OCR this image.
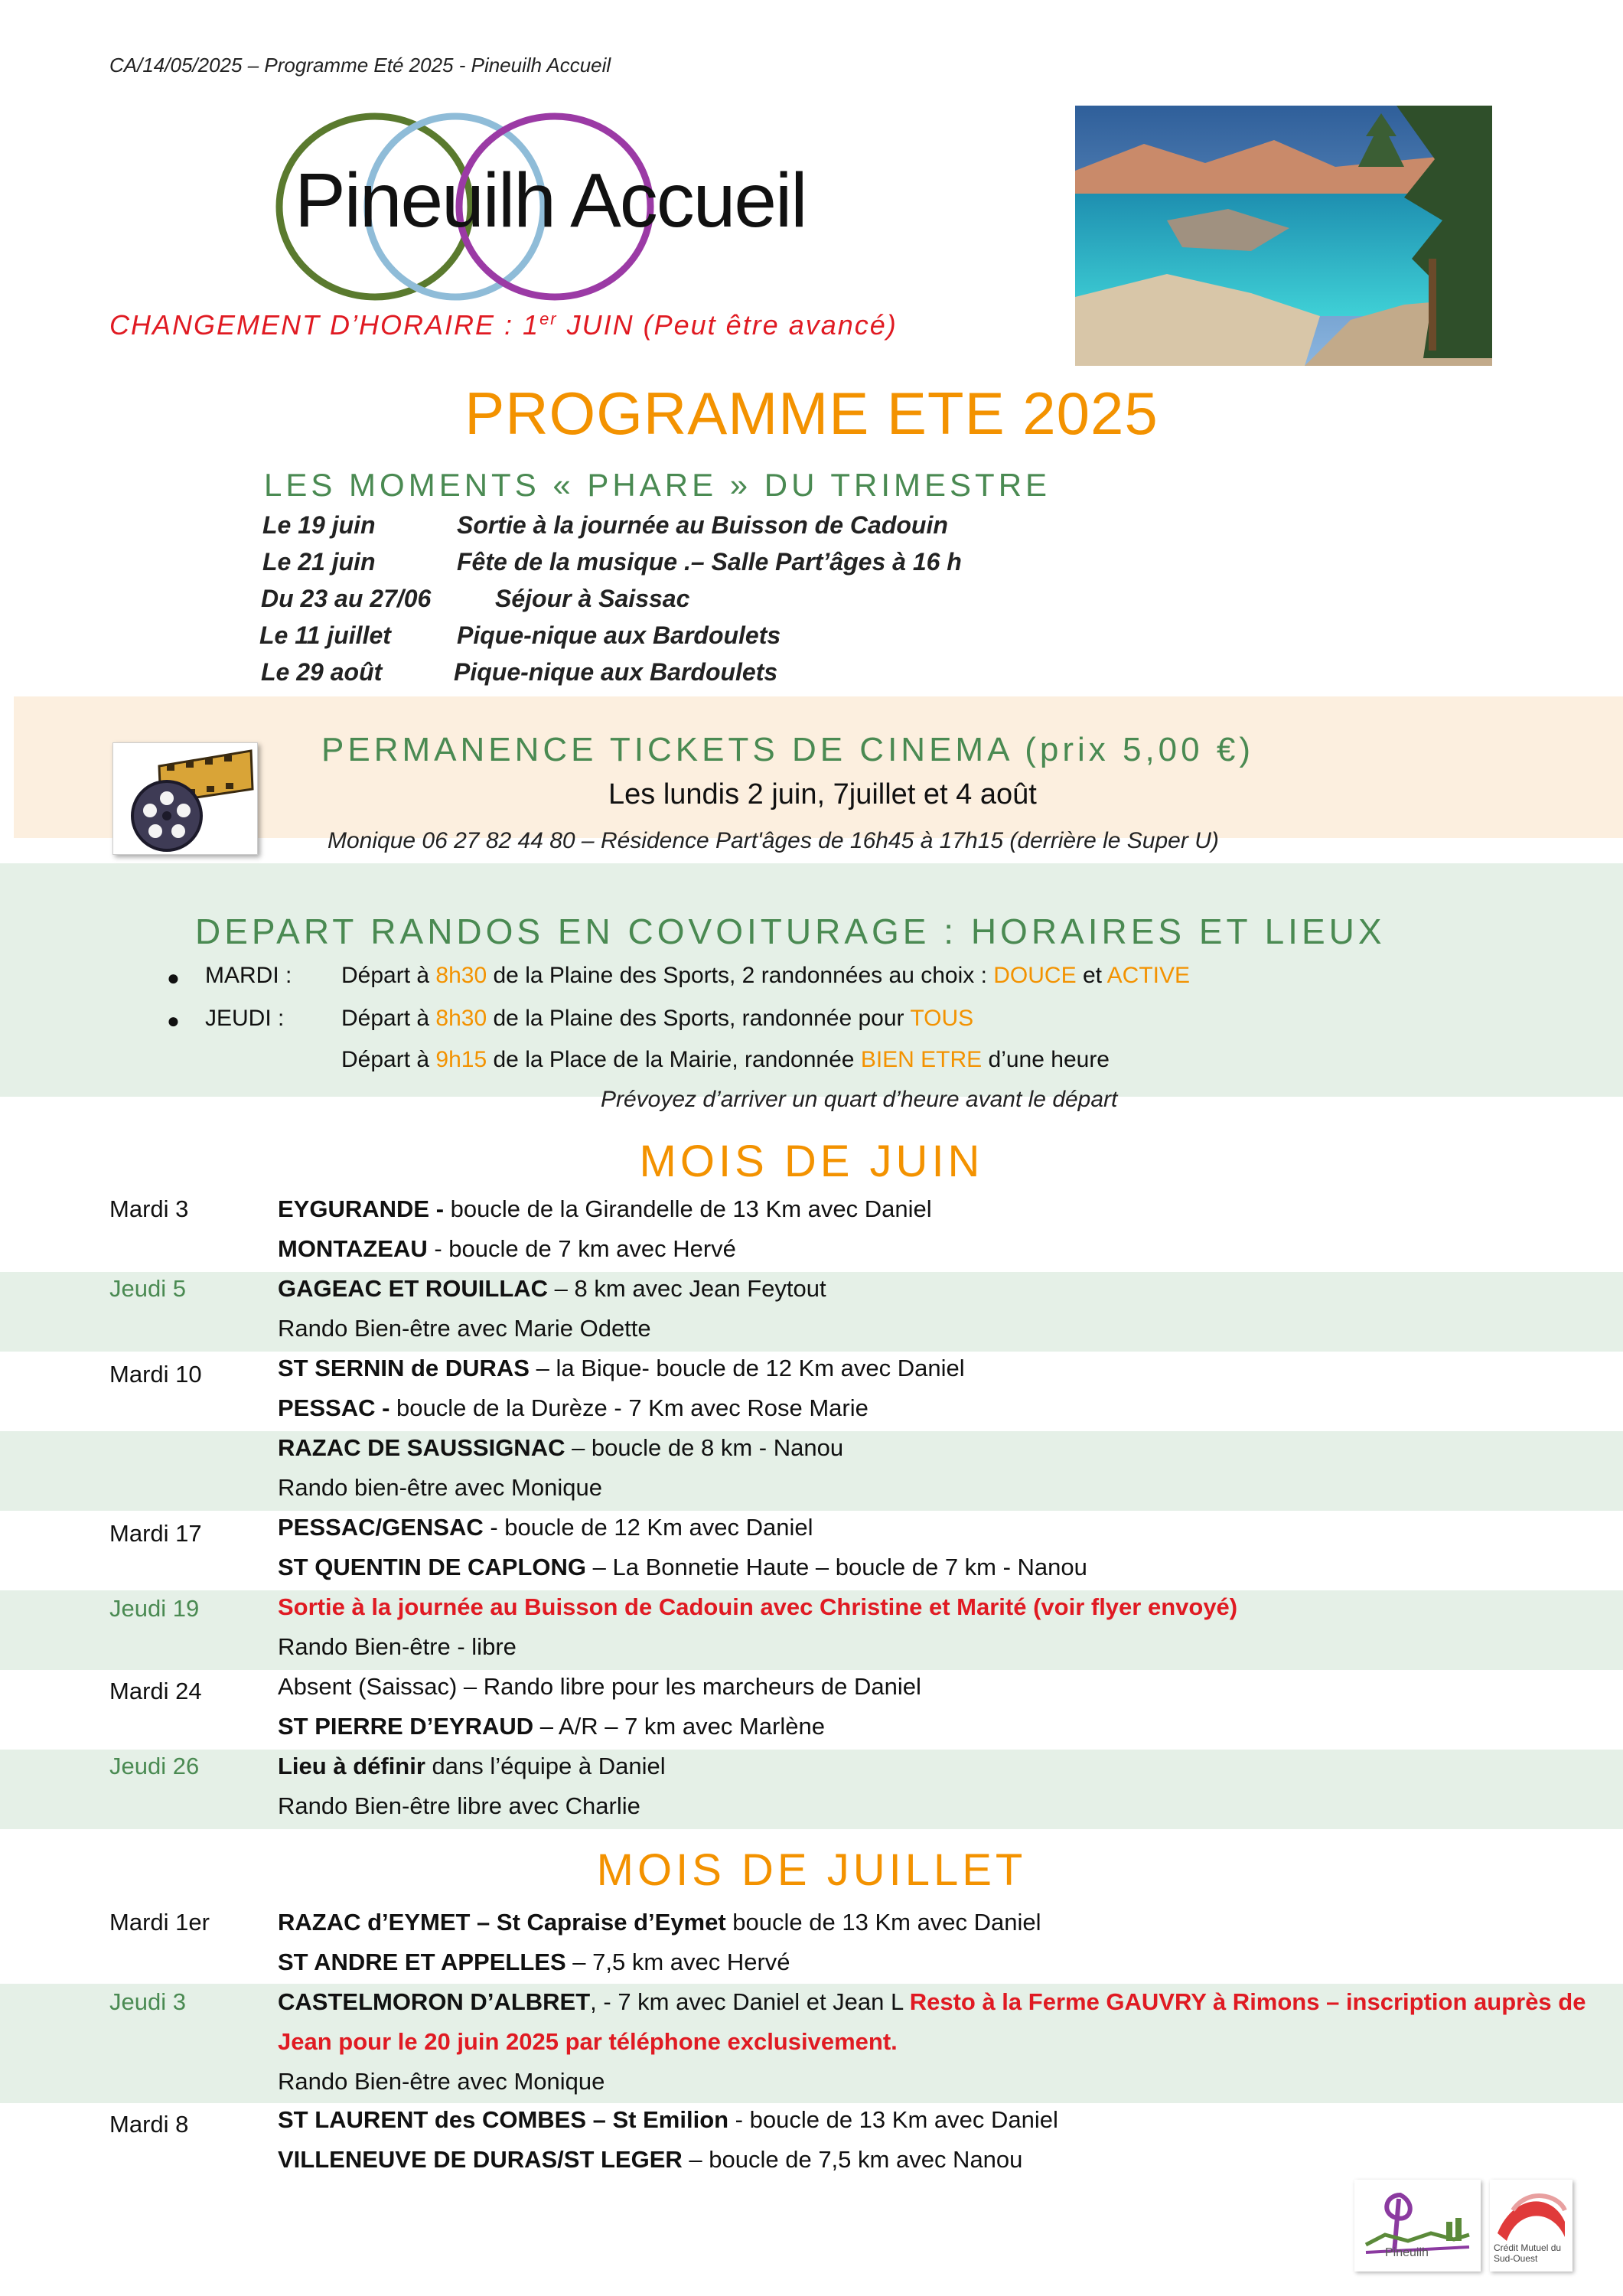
CA/14/05/2025 – Programme Eté 2025 - Pineuilh Accueil
Pineuilh Accueil
CHANGEMENT D’HORAIRE : 1er JUIN (Peut être avancé)
PROGRAMME ETE 2025
LES MOMENTS « PHARE » DU TRIMESTRE
Le 19 juin	Sortie à la journée au Buisson de Cadouin
Le 21 juin	Fête de la musique .– Salle Part’âges à 16 h
Du 23 au 27/06	Séjour à Saissac
Le 11 juillet	Pique-nique aux Bardoulets
Le 29 août	Pique-nique aux Bardoulets
PERMANENCE TICKETS DE CINEMA (prix 5,00 €)
Les lundis 2 juin, 7juillet et 4 août
Monique 06 27 82 44 80 – Résidence Part'âges de 16h45 à 17h15 (derrière le Super U)
DEPART RANDOS EN COVOITURAGE : HORAIRES ET LIEUX
● MARDI : Départ à 8h30 de la Plaine des Sports, 2 randonnées au choix : DOUCE et ACTIVE
● JEUDI : Départ à 8h30 de la Plaine des Sports, randonnée pour TOUS
Départ à 9h15 de la Place de la Mairie, randonnée BIEN ETRE d’une heure
Prévoyez d’arriver un quart d’heure avant le départ
MOIS DE JUIN
Mardi 3	EYGURANDE - boucle de la Girandelle de 13 Km avec Daniel
MONTAZEAU - boucle de 7 km avec Hervé
Jeudi 5	GAGEAC ET ROUILLAC – 8 km avec Jean Feytout
Rando Bien-être avec Marie Odette
Mardi 10	ST SERNIN de DURAS – la Bique- boucle de 12 Km avec Daniel
PESSAC - boucle de la Durèze - 7 Km avec Rose Marie
RAZAC DE SAUSSIGNAC – boucle de 8 km - Nanou
Rando bien-être avec Monique
Mardi 17	PESSAC/GENSAC - boucle de 12 Km avec Daniel
ST QUENTIN DE CAPLONG – La Bonnetie Haute – boucle de 7 km - Nanou
Jeudi 19	Sortie à la journée au Buisson de Cadouin avec Christine et Marité (voir flyer envoyé)
Rando Bien-être - libre
Mardi 24	Absent (Saissac) – Rando libre pour les marcheurs de Daniel
ST PIERRE D’EYRAUD – A/R – 7 km avec Marlène
Jeudi 26	Lieu à définir dans l’équipe à Daniel
Rando Bien-être libre avec Charlie
MOIS DE JUILLET
Mardi 1er	RAZAC d’EYMET – St Capraise d’Eymet boucle de 13 Km avec Daniel
ST ANDRE ET APPELLES – 7,5 km avec Hervé
Jeudi 3	CASTELMORON D’ALBRET, - 7 km avec Daniel et Jean L Resto à la Ferme GAUVRY à Rimons – inscription auprès de
Jean pour le 20 juin 2025 par téléphone exclusivement.
Rando Bien-être avec Monique
Mardi 8	ST LAURENT des COMBES – St Emilion - boucle de 13 Km avec Daniel
VILLENEUVE DE DURAS/ST LEGER – boucle de 7,5 km avec Nanou
Pineuilh	Crédit Mutuel du Sud-Ouest
